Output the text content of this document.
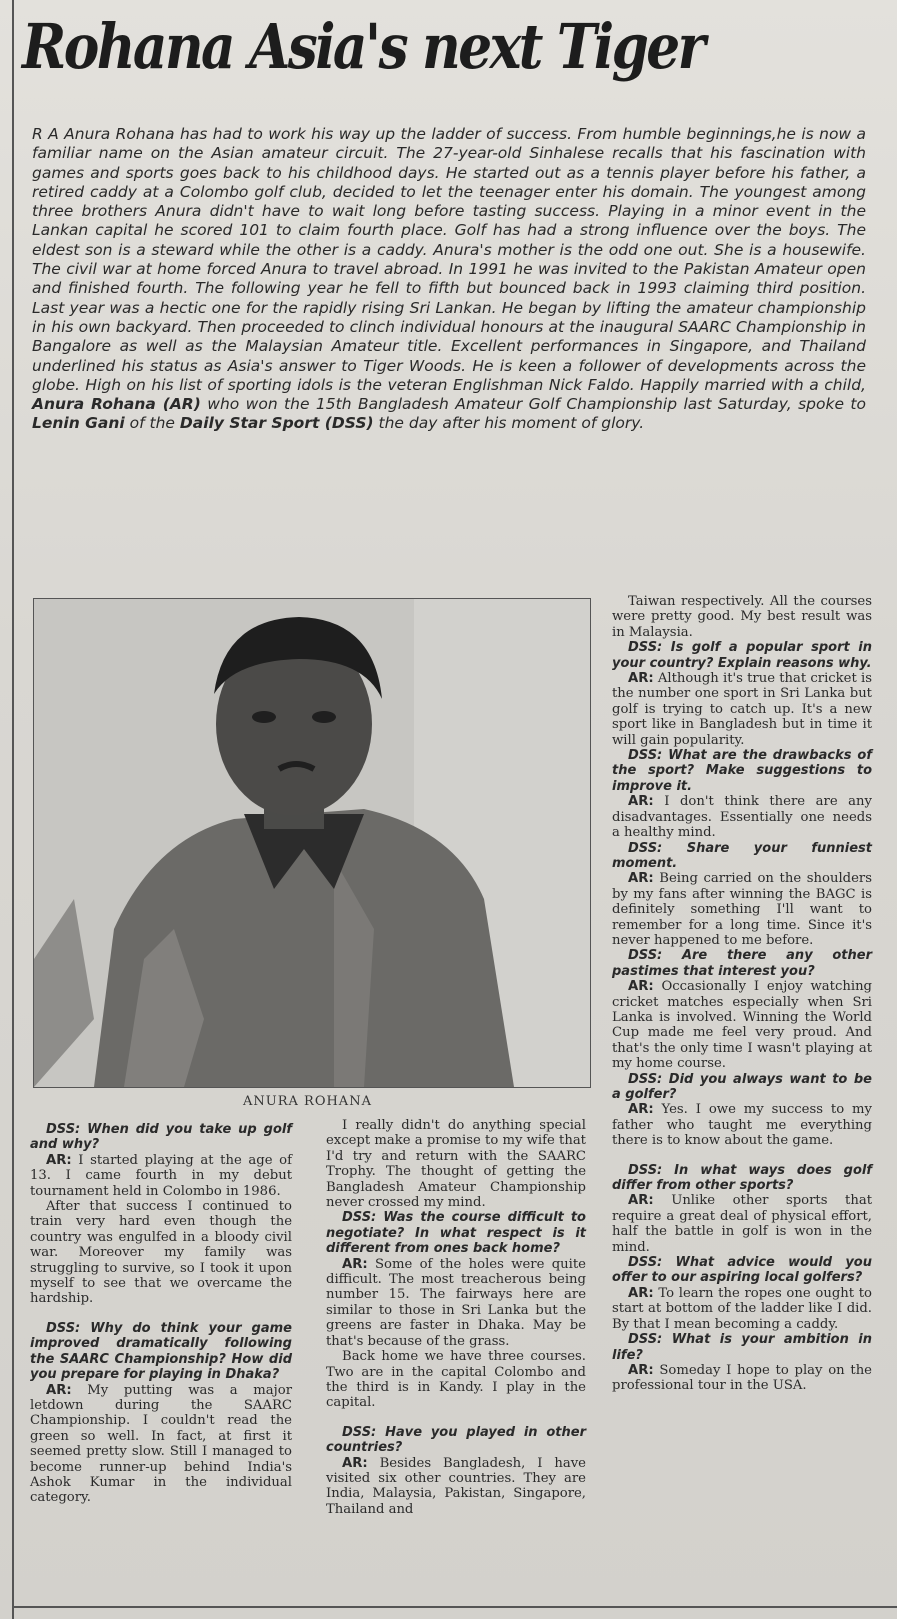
Rohana Asia's next Tiger
R A Anura Rohana has had to work his way up the ladder of success. From humble beginnings,he is now a familiar name on the Asian amateur circuit. The 27-year-old Sinhalese recalls that his fascination with games and sports goes back to his childhood days. He started out as a tennis player before his father, a retired caddy at a Colombo golf club, decided to let the teenager enter his domain. The youngest among three brothers Anura didn't have to wait long before tasting success. Playing in a minor event in the Lankan capital he scored 101 to claim fourth place. Golf has had a strong influence over the boys. The eldest son is a steward while the other is a caddy. Anura's mother is the odd one out. She is a housewife. The civil war at home forced Anura to travel abroad. In 1991 he was invited to the Pakistan Amateur open and finished fourth. The following year he fell to fifth but bounced back in 1993 claiming third position. Last year was a hectic one for the rapidly rising Sri Lankan. He began by lifting the amateur championship in his own backyard. Then proceeded to clinch individual honours at the inaugural SAARC Championship in Bangalore as well as the Malaysian Amateur title. Excellent performances in Singapore, and Thailand underlined his status as Asia's answer to Tiger Woods. He is keen a follower of developments across the globe. High on his list of sporting idols is the veteran Englishman Nick Faldo. Happily married with a child, Anura Rohana (AR) who won the 15th Bangladesh Amateur Golf Championship last Saturday, spoke to Lenin Gani of the Daily Star Sport (DSS) the day after his moment of glory.
ANURA ROHANA

DSS: When did you take up golf and why?

AR: I started playing at the age of 13. I came fourth in my debut tournament held in Colombo in 1986.

After that success I continued to train very hard even though the country was engulfed in a bloody civil war. Moreover my family was struggling to survive, so I took it upon myself to see that we overcame the hardship.

DSS: Why do think your game improved dramatically following the SAARC Championship? How did you prepare for playing in Dhaka?

AR: My putting was a major letdown during the SAARC Championship. I couldn't read the green so well. In fact, at first it seemed pretty slow. Still I managed to become runner-up behind India's Ashok Kumar in the individual category.

I really didn't do anything special except make a promise to my wife that I'd try and return with the SAARC Trophy. The thought of getting the Bangladesh Amateur Championship never crossed my mind.

DSS: Was the course difficult to negotiate? In what respect is it different from ones back home?

AR: Some of the holes were quite difficult. The most treacherous being number 15. The fairways here are similar to those in Sri Lanka but the greens are faster in Dhaka. May be that's because of the grass.

Back home we have three courses. Two are in the capital Colombo and the third is in Kandy. I play in the capital.

DSS: Have you played in other countries?

AR: Besides Bangladesh, I have visited six other countries. They are India, Malaysia, Pakistan, Singapore, Thailand and

Taiwan respectively. All the courses were pretty good. My best result was in Malaysia.

DSS: Is golf a popular sport in your country? Explain reasons why.

AR: Although it's true that cricket is the number one sport in Sri Lanka but golf is trying to catch up. It's a new sport like in Bangladesh but in time it will gain popularity.

DSS: What are the drawbacks of the sport? Make suggestions to improve it.

AR: I don't think there are any disadvantages. Essentially one needs a healthy mind.

DSS: Share your funniest moment.

AR: Being carried on the shoulders by my fans after winning the BAGC is definitely something I'll want to remember for a long time. Since it's never happened to me before.

DSS: Are there any other pastimes that interest you?

AR: Occasionally I enjoy watching cricket matches especially when Sri Lanka is involved. Winning the World Cup made me feel very proud. And that's the only time I wasn't playing at my home course.

DSS: Did you always want to be a golfer?

AR: Yes. I owe my success to my father who taught me everything there is to know about the game.

DSS: In what ways does golf differ from other sports?

AR: Unlike other sports that require a great deal of physical effort, half the battle in golf is won in the mind.

DSS: What advice would you offer to our aspiring local golfers?

AR: To learn the ropes one ought to start at bottom of the ladder like I did. By that I mean becoming a caddy.

DSS: What is your ambition in life?

AR: Someday I hope to play on the professional tour in the USA.
